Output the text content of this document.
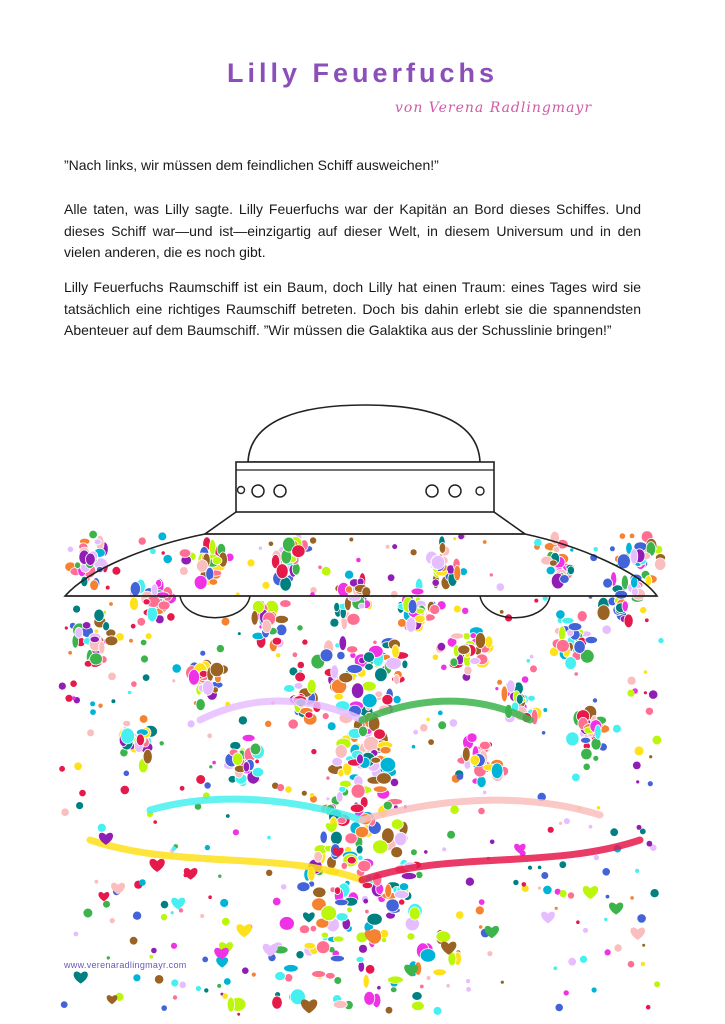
Lilly Feuerfuchs
von Verena Radlingmayr
”Nach links, wir müssen dem feindlichen Schiff ausweichen!”
Alle taten, was Lilly sagte. Lilly Feuerfuchs war der Kapitän an Bord dieses Schiffes. Und dieses Schiff war—und ist—einzigartig auf dieser Welt, in diesem Universum und in den vielen anderen, die es noch gibt.
Lilly Feuerfuchs Raumschiff ist ein Baum, doch Lilly hat einen Traum: eines Tages wird sie tatsächlich eine richtiges Raumschiff betreten. Doch bis dahin erlebt sie die spannendsten Abenteuer auf dem Baumschiff. ”Wir müssen die Galaktika aus der Schusslinie bringen!”
www.verenaradlingmayr.com
